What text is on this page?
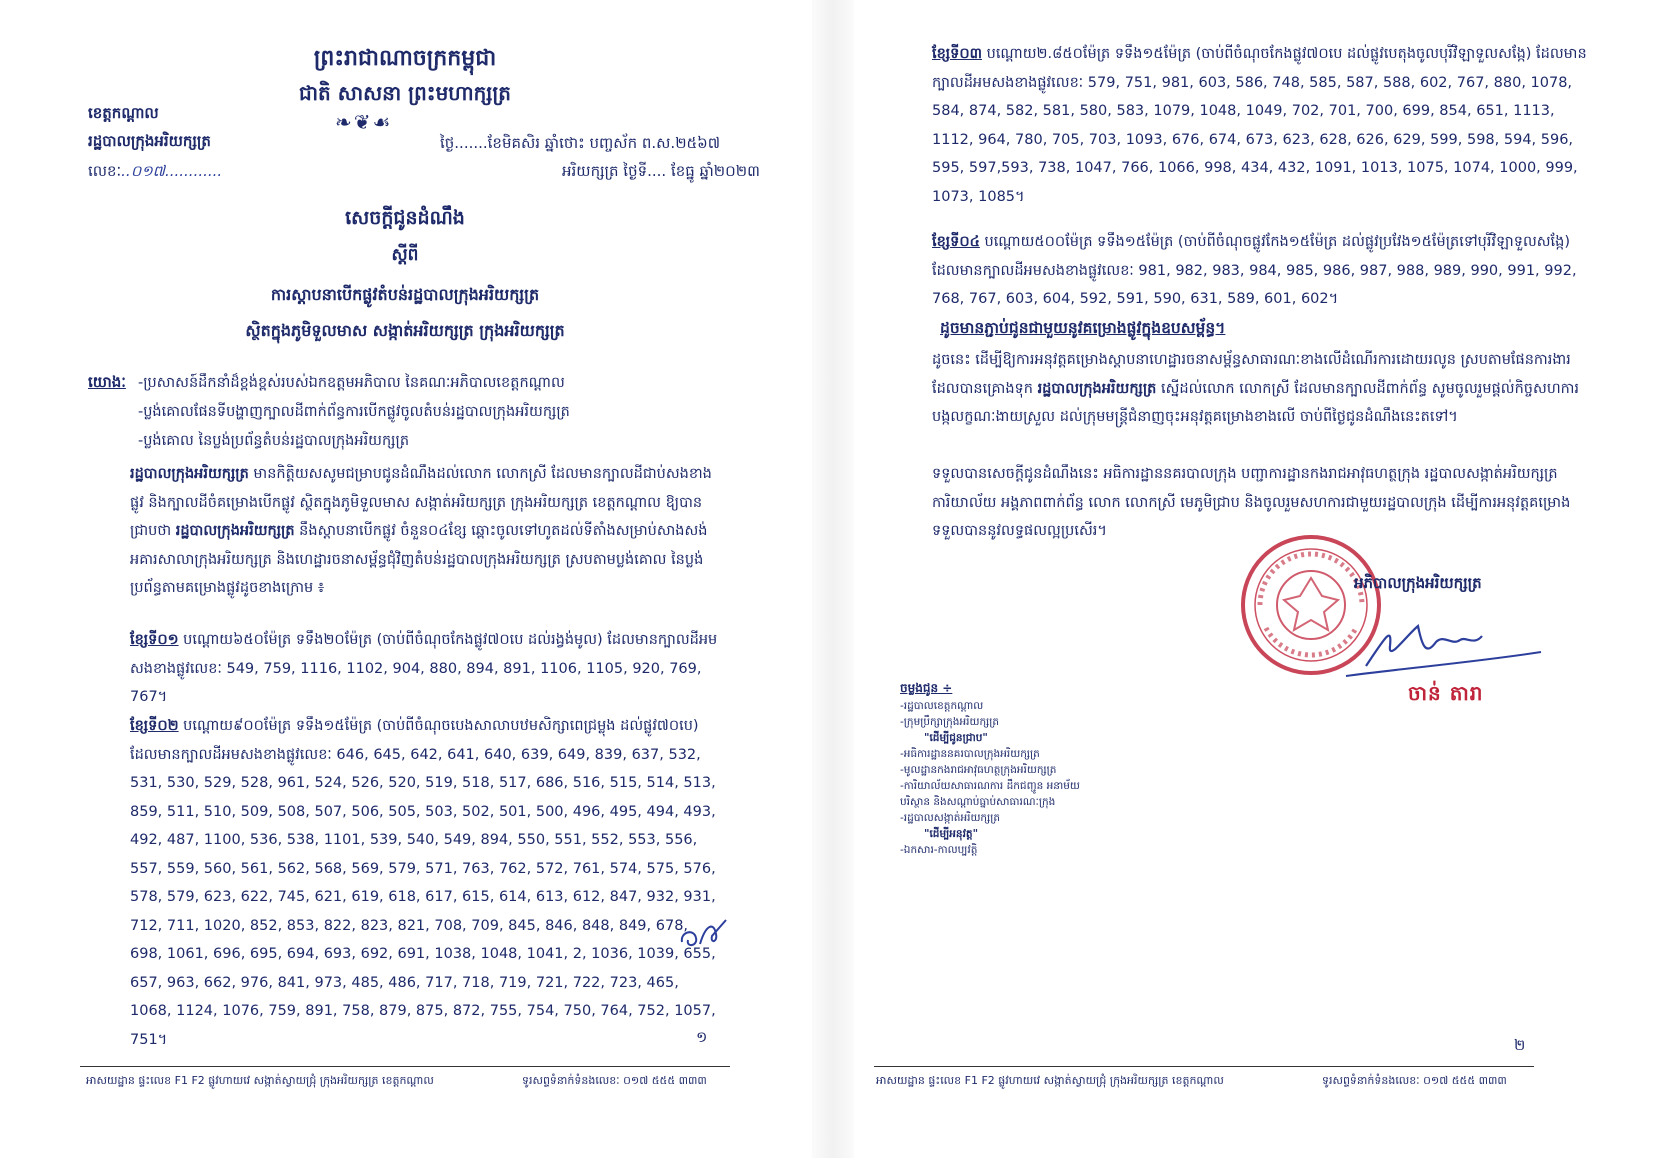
ព្រះរាជាណាចក្រកម្ពុជា
ជាតិ សាសនា ព្រះមហាក្សត្រ
❧❦☙
ខេត្តកណ្ដាល
រដ្ឋបាលក្រុងអរិយក្សត្រ
លេខៈ..០១៧............
ថ្ងៃ.......ខែមិគសិរ ឆ្នាំថោះ បញ្ចស័ក ព.ស.២៥៦៧
អរិយក្សត្រ ថ្ងៃទី.... ខែធ្នូ ឆ្នាំ២០២៣
សេចក្ដីជូនដំណឹង
ស្ដីពី
ការស្ដាបនាបើកផ្លូវតំបន់រដ្ឋបាលក្រុងអរិយក្សត្រ
ស្ថិតក្នុងភូមិទួលមាស សង្កាត់អរិយក្សត្រ ក្រុងអរិយក្សត្រ
យោងៈ -ប្រសាសន៍ដឹកនាំដ៏ខ្ពង់ខ្ពស់របស់ឯកឧត្ដមអភិបាល នៃគណៈអភិបាលខេត្តកណ្ដាល
-ប្លង់គោលផែនទីបង្ហាញក្បាលដីពាក់ព័ន្ធការបើកផ្លូវចូលតំបន់រដ្ឋបាលក្រុងអរិយក្សត្រ
-ប្លង់គោល នៃប្លង់ប្រព័ន្ធតំបន់រដ្ឋបាលក្រុងអរិយក្សត្រ
រដ្ឋបាលក្រុងអរិយក្សត្រ មានកិត្តិយសសូមជម្រាបជូនដំណឹងដល់លោក លោកស្រី ដែលមានក្បាលដីជាប់សងខាងផ្លូវ និងក្បាលដីចំគម្រោងបើកផ្លូវ ស្ថិតក្នុងភូមិទួលមាស សង្កាត់អរិយក្សត្រ ក្រុងអរិយក្សត្រ ខេត្តកណ្ដាល ឱ្យបានជ្រាបថា រដ្ឋបាលក្រុងអរិយក្សត្រ នឹងស្ដាបនាបើកផ្លូវ ចំនួន០៤ខ្សែ ឆ្ពោះចូលទៅហូតដល់ទីតាំងសម្រាប់សាងសង់អគារសាលាក្រុងអរិយក្សត្រ និងហេដ្ឋារចនាសម្ព័ន្ធជុំវិញតំបន់រដ្ឋបាលក្រុងអរិយក្សត្រ ស្របតាមប្លង់គោល នៃប្លង់ប្រព័ន្ធតាមគម្រោងផ្លូវដូចខាងក្រោម ៖
ខ្សែទី០១ បណ្ដោយ៦៥០ម៉ែត្រ ទទឹង២០ម៉ែត្រ (ចាប់ពីចំណុចកែងផ្លូវ៧០បេ ដល់រង្វង់មូល) ដែលមានក្បាលដីអមសងខាងផ្លូវលេខៈ 549, 759, 1116, 1102, 904, 880, 894, 891, 1106, 1105, 920, 769, 767។
ខ្សែទី០២ បណ្ដោយ៩០០ម៉ែត្រ ទទឹង១៥ម៉ែត្រ (ចាប់ពីចំណុចបេងសាលាបឋមសិក្សាពេជ្រម្លុង ដល់ផ្លូវ៧០បេ) ដែលមានក្បាលដីអមសងខាងផ្លូវលេខៈ 646, 645, 642, 641, 640, 639, 649, 839, 637, 532, 531, 530, 529, 528, 961, 524, 526, 520, 519, 518, 517, 686, 516, 515, 514, 513, 859, 511, 510, 509, 508, 507, 506, 505, 503, 502, 501, 500, 496, 495, 494, 493, 492, 487, 1100, 536, 538, 1101, 539, 540, 549, 894, 550, 551, 552, 553, 556, 557, 559, 560, 561, 562, 568, 569, 579, 571, 763, 762, 572, 761, 574, 575, 576, 578, 579, 623, 622, 745, 621, 619, 618, 617, 615, 614, 613, 612, 847, 932, 931, 712, 711, 1020, 852, 853, 822, 823, 821, 708, 709, 845, 846, 848, 849, 678, 698, 1061, 696, 695, 694, 693, 692, 691, 1038, 1048, 1041, 2, 1036, 1039, 655, 657, 963, 662, 976, 841, 973, 485, 486, 717, 718, 719, 721, 722, 723, 465, 1068, 1124, 1076, 759, 891, 758, 879, 875, 872, 755, 754, 750, 764, 752, 1057, 751។	១
អាសយដ្ឋាន ផ្ទះលេខ F1 F2 ផ្លូវហាយវេ សង្កាត់ស្វាយជ្រុំ ក្រុងអរិយក្សត្រ ខេត្តកណ្ដាល	ទូរសព្ទទំនាក់ទំនងលេខៈ ០១៧ ៥៥៥ ៣៣៣
ខ្សែទី០៣ បណ្ដោយ២.៨៥០ម៉ែត្រ ទទឹង១៥ម៉ែត្រ (ចាប់ពីចំណុចកែងផ្លូវ៧០បេ ដល់ផ្លូវបេតុងចូលបុរីវិឡាទួលសង្កែ) ដែលមានក្បាលដីអមសងខាងផ្លូវលេខៈ 579, 751, 981, 603, 586, 748, 585, 587, 588, 602, 767, 880, 1078, 584, 874, 582, 581, 580, 583, 1079, 1048, 1049, 702, 701, 700, 699, 854, 651, 1113, 1112, 964, 780, 705, 703, 1093, 676, 674, 673, 623, 628, 626, 629, 599, 598, 594, 596, 595, 597,593, 738, 1047, 766, 1066, 998, 434, 432, 1091, 1013, 1075, 1074, 1000, 999, 1073, 1085។
ខ្សែទី០៤ បណ្ដោយ៥០០ម៉ែត្រ ទទឹង១៥ម៉ែត្រ (ចាប់ពីចំណុចផ្លូវកែង១៥ម៉ែត្រ ដល់ផ្លូវប្រវែង១៥ម៉ែត្រទៅបុរីវិឡាទួលសង្កែ) ដែលមានក្បាលដីអមសងខាងផ្លូវលេខៈ 981, 982, 983, 984, 985, 986, 987, 988, 989, 990, 991, 992, 768, 767, 603, 604, 592, 591, 590, 631, 589, 601, 602។
ដូចមានភ្ជាប់ជូនជាមួយនូវគម្រោងផ្លូវក្នុងឧបសម្ព័ន្ធ។
ដូចនេះ ដើម្បីឱ្យការអនុវត្តគម្រោងស្ដាបនាហេដ្ឋារចនាសម្ព័ន្ធសាធារណៈខាងលើដំណើរការដោយរលូន ស្របតាមផែនការងារដែលបានគ្រោងទុក រដ្ឋបាលក្រុងអរិយក្សត្រ ស្នើដល់លោក លោកស្រី ដែលមានក្បាលដីពាក់ព័ន្ធ សូមចូលរួមផ្ដល់កិច្ចសហការ បង្កលក្ខណៈងាយស្រួល ដល់ក្រុមមន្ត្រីជំនាញចុះអនុវត្តគម្រោងខាងលើ ចាប់ពីថ្ងៃជូនដំណឹងនេះតទៅ។
ទទួលបានសេចក្ដីជូនដំណឹងនេះ អធិការដ្ឋាននគរបាលក្រុង បញ្ជាការដ្ឋានកងរាជអាវុធហត្ថក្រុង រដ្ឋបាលសង្កាត់អរិយក្សត្រ ការិយាល័យ អង្គភាពពាក់ព័ន្ធ លោក លោកស្រី មេភូមិជ្រាប និងចូលរួមសហការជាមួយរដ្ឋបាលក្រុង ដើម្បីការអនុវត្តគម្រោងទទួលបាននូវលទ្ធផលល្អប្រសើរ។
អភិបាលក្រុងអរិយក្សត្រ
ចាន់ តារា
ចម្លងជូន ÷
-រដ្ឋបាលខេត្តកណ្ដាល
-ក្រុមប្រឹក្សាក្រុងអរិយក្សត្រ
"ដើម្បីជូនជ្រាប"
-អធិការដ្ឋាននគរបាលក្រុងអរិយក្សត្រ
-មូលដ្ឋានកងរាជអាវុធហត្ថក្រុងអរិយក្សត្រ
-ការិយាល័យសាធារណការ ដឹកជញ្ជូន អនាម័យ
បរិស្ថាន និងសណ្ដាប់ធ្នាប់សាធារណៈក្រុង
-រដ្ឋបាលសង្កាត់អរិយក្សត្រ
"ដើម្បីអនុវត្ត"
-ឯកសារ-កាលប្បវត្តិ
២
អាសយដ្ឋាន ផ្ទះលេខ F1 F2 ផ្លូវហាយវេ សង្កាត់ស្វាយជ្រុំ ក្រុងអរិយក្សត្រ ខេត្តកណ្ដាល	ទូរសព្ទទំនាក់ទំនងលេខៈ ០១៧ ៥៥៥ ៣៣៣
